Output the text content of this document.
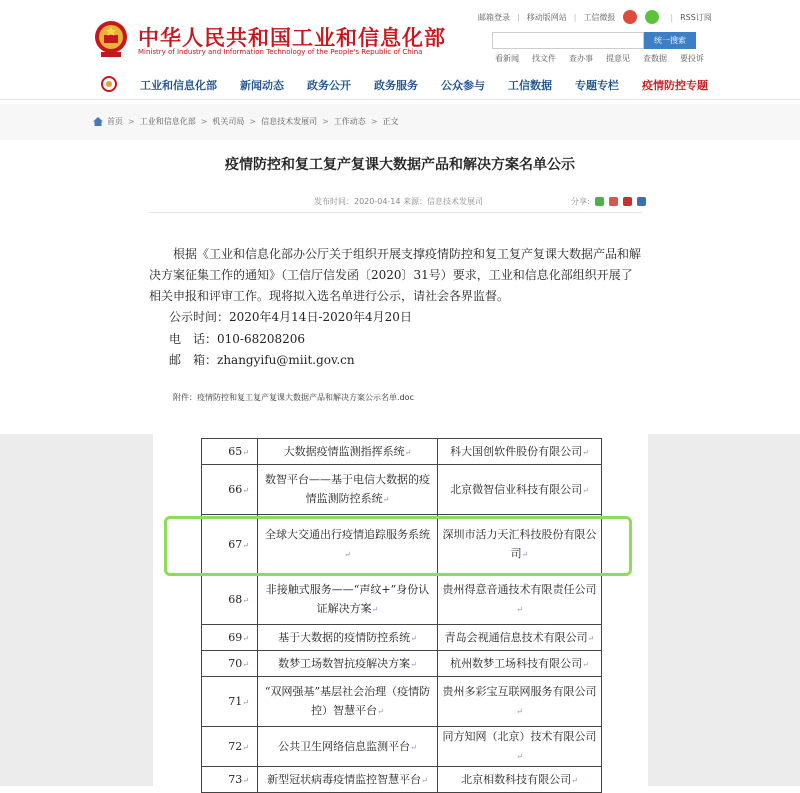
中华人民共和国工业和信息化部
Ministry of Industry and Information Technology of the People's Republic of China
邮箱登录 | 移动版网站 | 工信微报	| RSS订阅
统一搜索
看新闻 找文件 查办事 提意见 查数据 要投诉
工业和信息化部 新闻动态 政务公开 政务服务 公众参与 工信数据 专题专栏 疫情防控专题
首页 > 工业和信息化部 > 机关司局 > 信息技术发展司 > 工作动态 > 正文
疫情防控和复工复产复课大数据产品和解决方案名单公示
发布时间：2020-04-14 来源：信息技术发展司	分享:
根据《工业和信息化部办公厅关于组织开展支撑疫情防控和复工复产复课大数据产品和解决方案征集工作的通知》（工信厅信发函〔2020〕31号）要求，工业和信息化部组织开展了相关申报和评审工作。现将拟入选名单进行公示，请社会各界监督。
公示时间：2020年4月14日-2020年4月20日
电　话：010-68208206
邮　箱：zhangyifu@miit.gov.cn
附件：疫情防控和复工复产复课大数据产品和解决方案公示名单.doc
65↵	大数据疫情监测指挥系统↵	科大国创软件股份有限公司↵
66↵	数智平台——基于电信大数据的疫情监测防控系统↵	北京微智信业科技有限公司↵
67↵	全球大交通出行疫情追踪服务系统↵	深圳市活力天汇科技股份有限公司↵
68↵	非接触式服务——“声纹+”身份认证解决方案↵	贵州得意音通技术有限责任公司↵
69↵	基于大数据的疫情防控系统↵	青岛会视通信息技术有限公司↵
70↵	数梦工场数智抗疫解决方案↵	杭州数梦工场科技有限公司↵
71↵	“双网强基”基层社会治理（疫情防控）智慧平台↵	贵州多彩宝互联网服务有限公司↵
72↵	公共卫生网络信息监测平台↵	同方知网（北京）技术有限公司↵
73↵	新型冠状病毒疫情监控智慧平台↵	北京相数科技有限公司↵
